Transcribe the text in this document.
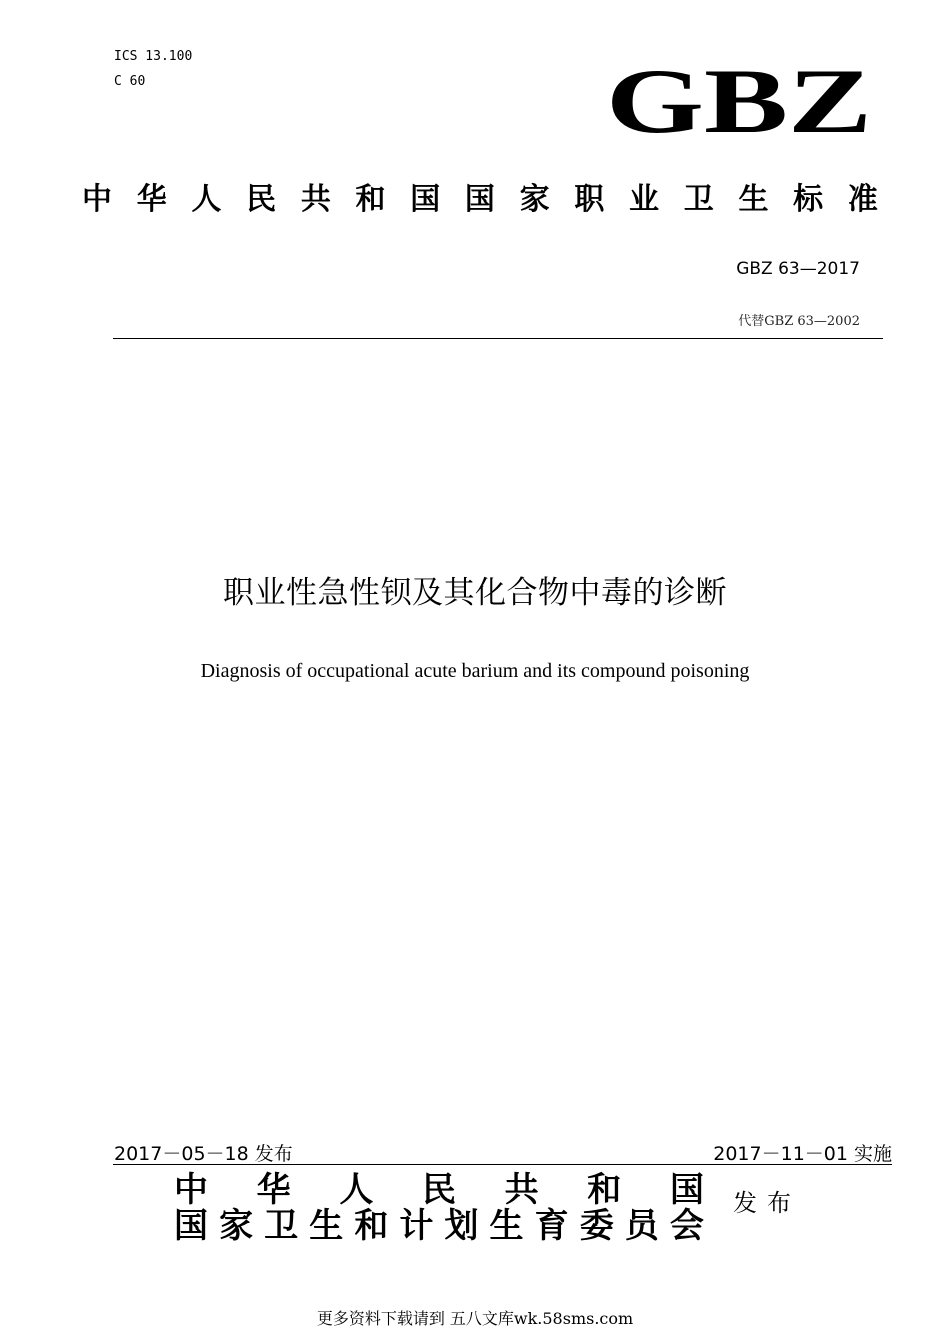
ICS 13.100
C 60	GBZ
中 华 人 民 共 和 国 国 家 职 业 卫 生 标 准
GBZ 63—2017
代替GBZ 63—2002
职业性急性钡及其化合物中毒的诊断
Diagnosis of occupational acute barium and its compound poisoning
2017－05－18 发布	2017－11－01 实施
中 华 人 民 共 和 国
国 家 卫 生 和 计 划 生 育 委 员 会
发布
更多资料下载请到 五八文库wk.58sms.com
